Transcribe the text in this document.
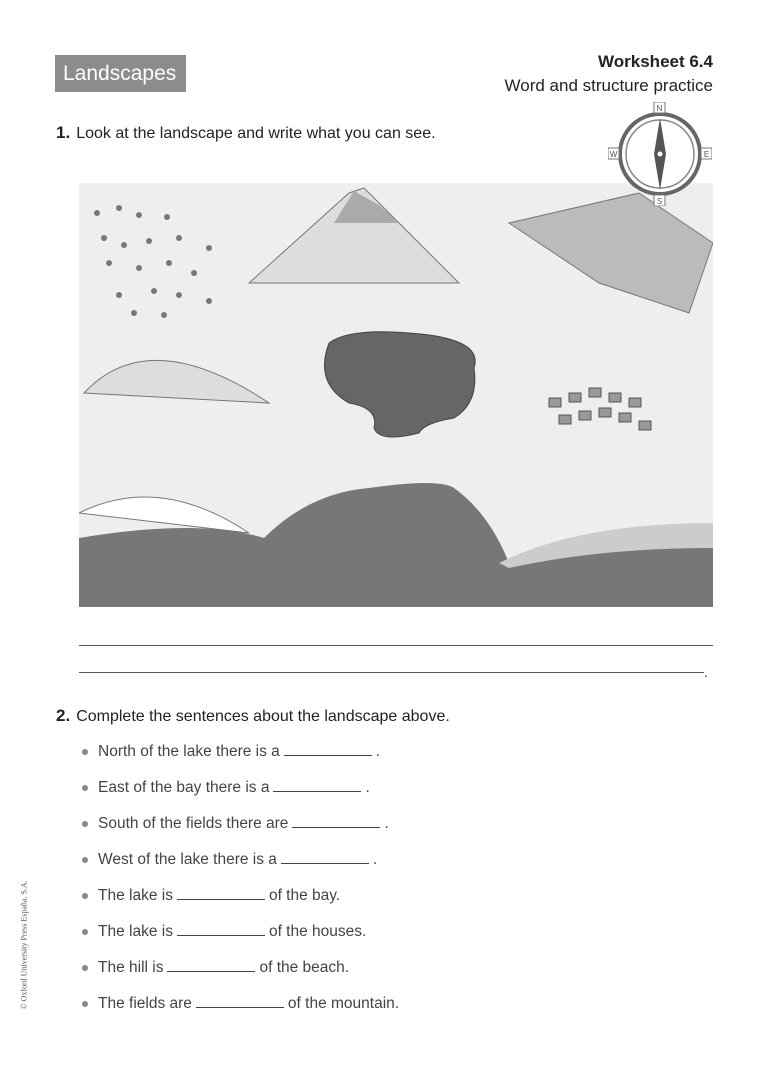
Landscapes
Worksheet 6.4
Word and structure practice
1. Look at the landscape and write what you can see.
N
S
E
W
.
2. Complete the sentences about the landscape above.
North of the lake there is a	.
East of the bay there is a	.
South of the fields there are	.
West of the lake there is a	.
The lake is	of the bay.
The lake is	of the houses.
The hill is	of the beach.
The fields are	of the mountain.
© Oxford University Press España, S.A.
